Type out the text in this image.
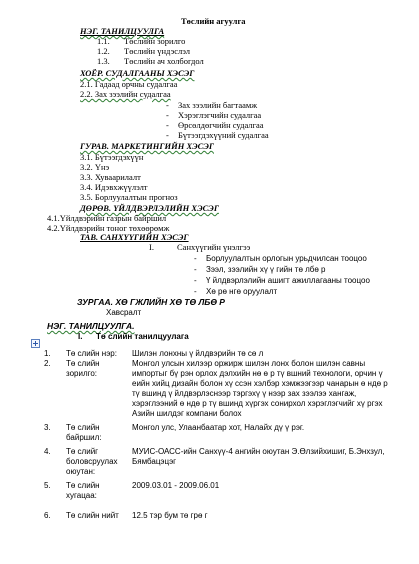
Төслийн агуулга
НЭГ. ТАНИЛЦУУЛГА
1.1. Төслийн зорилго
1.2. Төслийн үндэслэл
1.3. Төслийн ач холбогдол
ХОЁР. СУДАЛГААНЫ ХЭСЭГ
2.1. Гадаад орчны судалгаа
2.2. Зах зээлийн судалгаа
- Зах зээлийн багтаамж
- Хэрэглэгчийн судалгаа
- Өрсөлдөгчийн судалгаа
- Бүтээгдэхүүний судалгаа
ГУРАВ. МАРКЕТИНГИЙН ХЭСЭГ
3.1. Бүтээгдэхүүн
3.2. Үнэ
3.3. Хуваарилалт
3.4. Идэвхжүүлэлт
3.5. Борлуулалтын прогноз
ДӨРӨВ. ҮЙЛДВЭРЛЭЛИЙН ХЭСЭГ
4.1.Үйлдвэрийн газрын байршил
4.2.Үйлдвэрийн тоног төхөөрөмж
ТАВ. САНХҮҮГИЙН ХЭСЭГ
I.	Санхүүгийн үнэлгээ
- Борлуулалтын орлогын урьдчилсан тооцоо
- Зээл, зээлийн хү ү гийн тө лбө р
- Ү йлдвэрлэлийн ашигт ажиллагааны тооцоо
- Хө рө нгө оруулалт
ЗУРГАА. ХӨ ГЖЛИЙН ХӨ ТӨ ЛБӨ Р
Хавсралт
НЭГ. ТАНИЛЦУУЛГА.
I. Тө слийн танилцуулага
1.	Тө слийн нэр:	Шилэн лонхны ү йлдвэрийн тө сө л
2.	Тө слийн зорилго:	Монгол улсын хилээр оржирж шилэн лонх болон шилэн савны импортыг бү рэн орлох дэлхийн нө ө р тү вшний технологи, орчин ү еийн хийц дизайн болон хү ссэн хэлбэр хэмжээгээр чанарын ө ндө р тү вшинд ү йлдвэрлэснээр тэргэхү ү нээр зах зээлээ хангаж, хэрэглээний ө ндө р тү вшинд хүргэх сонирхол хэрэглэгчийг хү ргэх Азийн шилдэг компани болох
3.	Тө слийн байршил:	Монгол улс, Улаанбаатар хот, Налайх дү ү рэг.
4.	Тө слийг боловсруулах оюутан:	МУИС-ОАСС-ийн Санхүү-4 ангийн оюутан Э.Өлзийхишиг, Б.Энхзул, Бямбацэцэг
5.	Тө слийн хугацаа:	2009.03.01 - 2009.06.01
6.	Тө слийн нийт	12.5 тэр бум тө грө г
